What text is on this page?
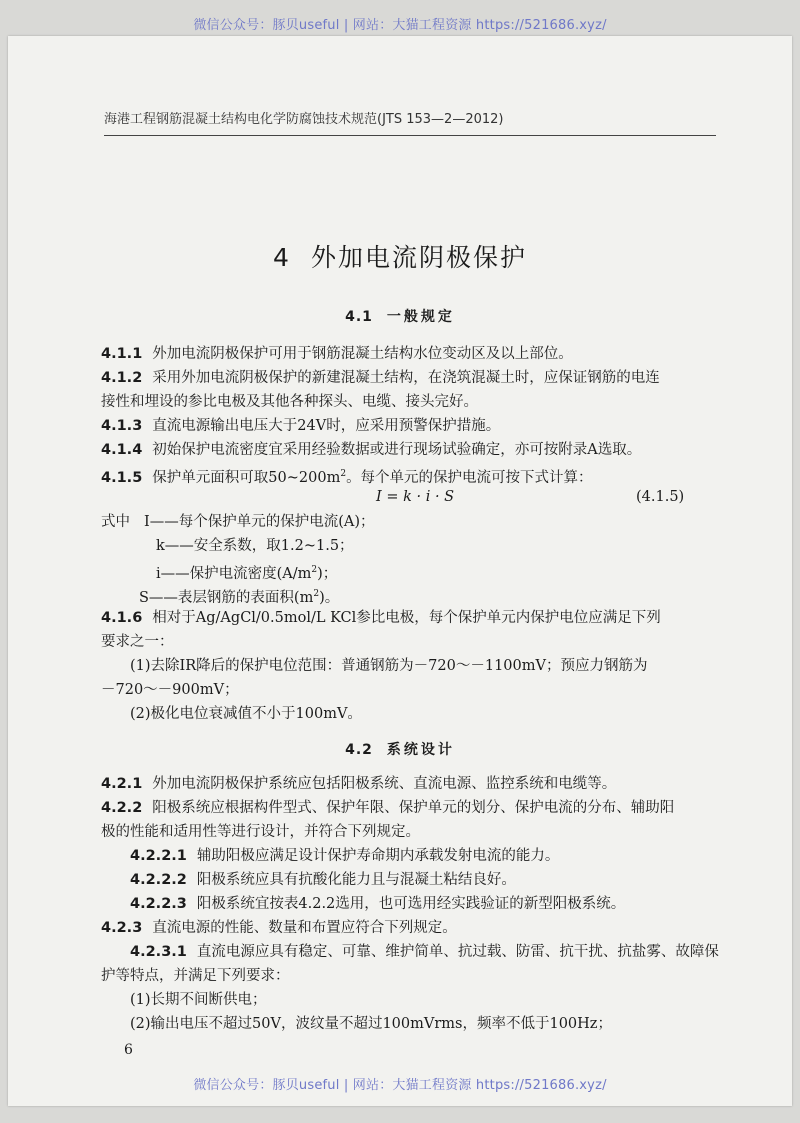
微信公众号：豚贝useful | 网站：大猫工程资源 https://521686.xyz/
海港工程钢筋混凝土结构电化学防腐蚀技术规范(JTS 153—2—2012)
4 外加电流阴极保护
4.1 一般规定
4.1.1 外加电流阴极保护可用于钢筋混凝土结构水位变动区及以上部位。
4.1.2 采用外加电流阴极保护的新建混凝土结构，在浇筑混凝土时，应保证钢筋的电连
接性和埋设的参比电极及其他各种探头、电缆、接头完好。
4.1.3 直流电源输出电压大于24V时，应采用预警保护措施。
4.1.4 初始保护电流密度宜采用经验数据或进行现场试验确定，亦可按附录A选取。
4.1.5 保护单元面积可取$50\sim 200m^2$。每个单元的保护电流可按下式计算：
I = k · i · S	(4.1.5)
式中 I——每个保护单元的保护电流(A)；
k——安全系数，取1.2~1.5；
i——保护电流密度$(A/m^2)$；
S——表层钢筋的表面积$(m^2)$。
4.1.6 相对于Ag/AgCl/0.5mol/L KCl参比电极，每个保护单元内保护电位应满足下列
要求之一：
(1)去除IR降后的保护电位范围：普通钢筋为－720～－1100mV；预应力钢筋为
－720～－900mV；
(2)极化电位衰减值不小于100mV。
4.2 系统设计
4.2.1 外加电流阴极保护系统应包括阳极系统、直流电源、监控系统和电缆等。
4.2.2 阳极系统应根据构件型式、保护年限、保护单元的划分、保护电流的分布、辅助阳
极的性能和适用性等进行设计，并符合下列规定。
4.2.2.1 辅助阳极应满足设计保护寿命期内承载发射电流的能力。
4.2.2.2 阳极系统应具有抗酸化能力且与混凝土粘结良好。
4.2.2.3 阳极系统宜按表4.2.2选用，也可选用经实践验证的新型阳极系统。
4.2.3 直流电源的性能、数量和布置应符合下列规定。
4.2.3.1 直流电源应具有稳定、可靠、维护简单、抗过载、防雷、抗干扰、抗盐雾、故障保
护等特点，并满足下列要求：
(1)长期不间断供电；
(2)输出电压不超过50V，波纹量不超过100mVrms，频率不低于100Hz；
6
微信公众号：豚贝useful | 网站：大猫工程资源 https://521686.xyz/
